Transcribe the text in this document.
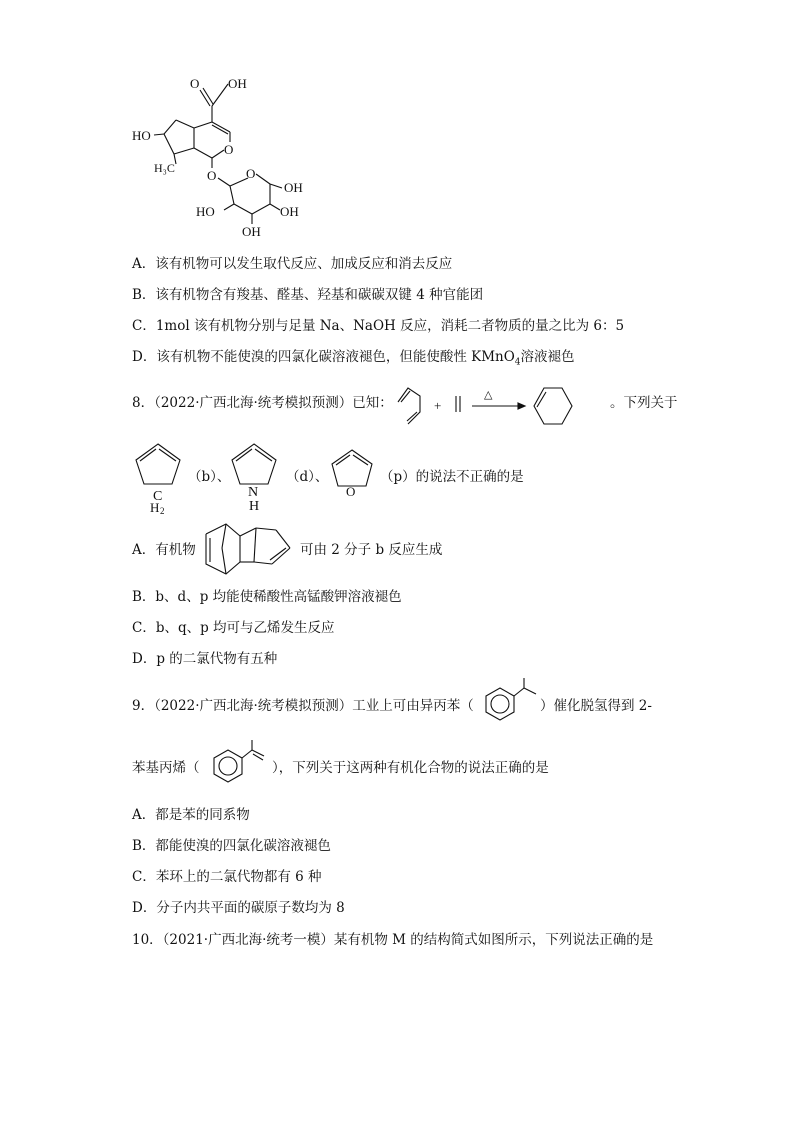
O OH
O
HO
H₃C O O
OH
HO	OH
OH
A．该有机物可以发生取代反应、加成反应和消去反应
B．该有机物含有羧基、醛基、羟基和碳碳双键 4 种官能团
C．1mol 该有机物分别与足量 Na、NaOH 反应，消耗二者物质的量之比为 6：5
D．该有机物不能使溴的四氯化碳溶液褪色，但能使酸性 KMnO$_4$溶液褪色
8．（2022·广西北海·统考模拟预测）已知：	+
△	。下列关于
C
H 2
（b）、
N
H
（d）、
O
（p）的说法不正确的是
A．有机物	可由 2 分子 b 反应生成
B．b、d、p 均能使稀酸性高锰酸钾溶液褪色
C．b、q、p 均可与乙烯发生反应
D．p 的二氯代物有五种
9．（2022·广西北海·统考模拟预测）工业上可由异丙苯（	）催化脱氢得到 2-
苯基丙烯（	），下列关于这两种有机化合物的说法正确的是
A．都是苯的同系物
B．都能使溴的四氯化碳溶液褪色
C．苯环上的二氯代物都有 6 种
D．分子内共平面的碳原子数均为 8
10．（2021·广西北海·统考一模）某有机物 M 的结构简式如图所示，下列说法正确的是
